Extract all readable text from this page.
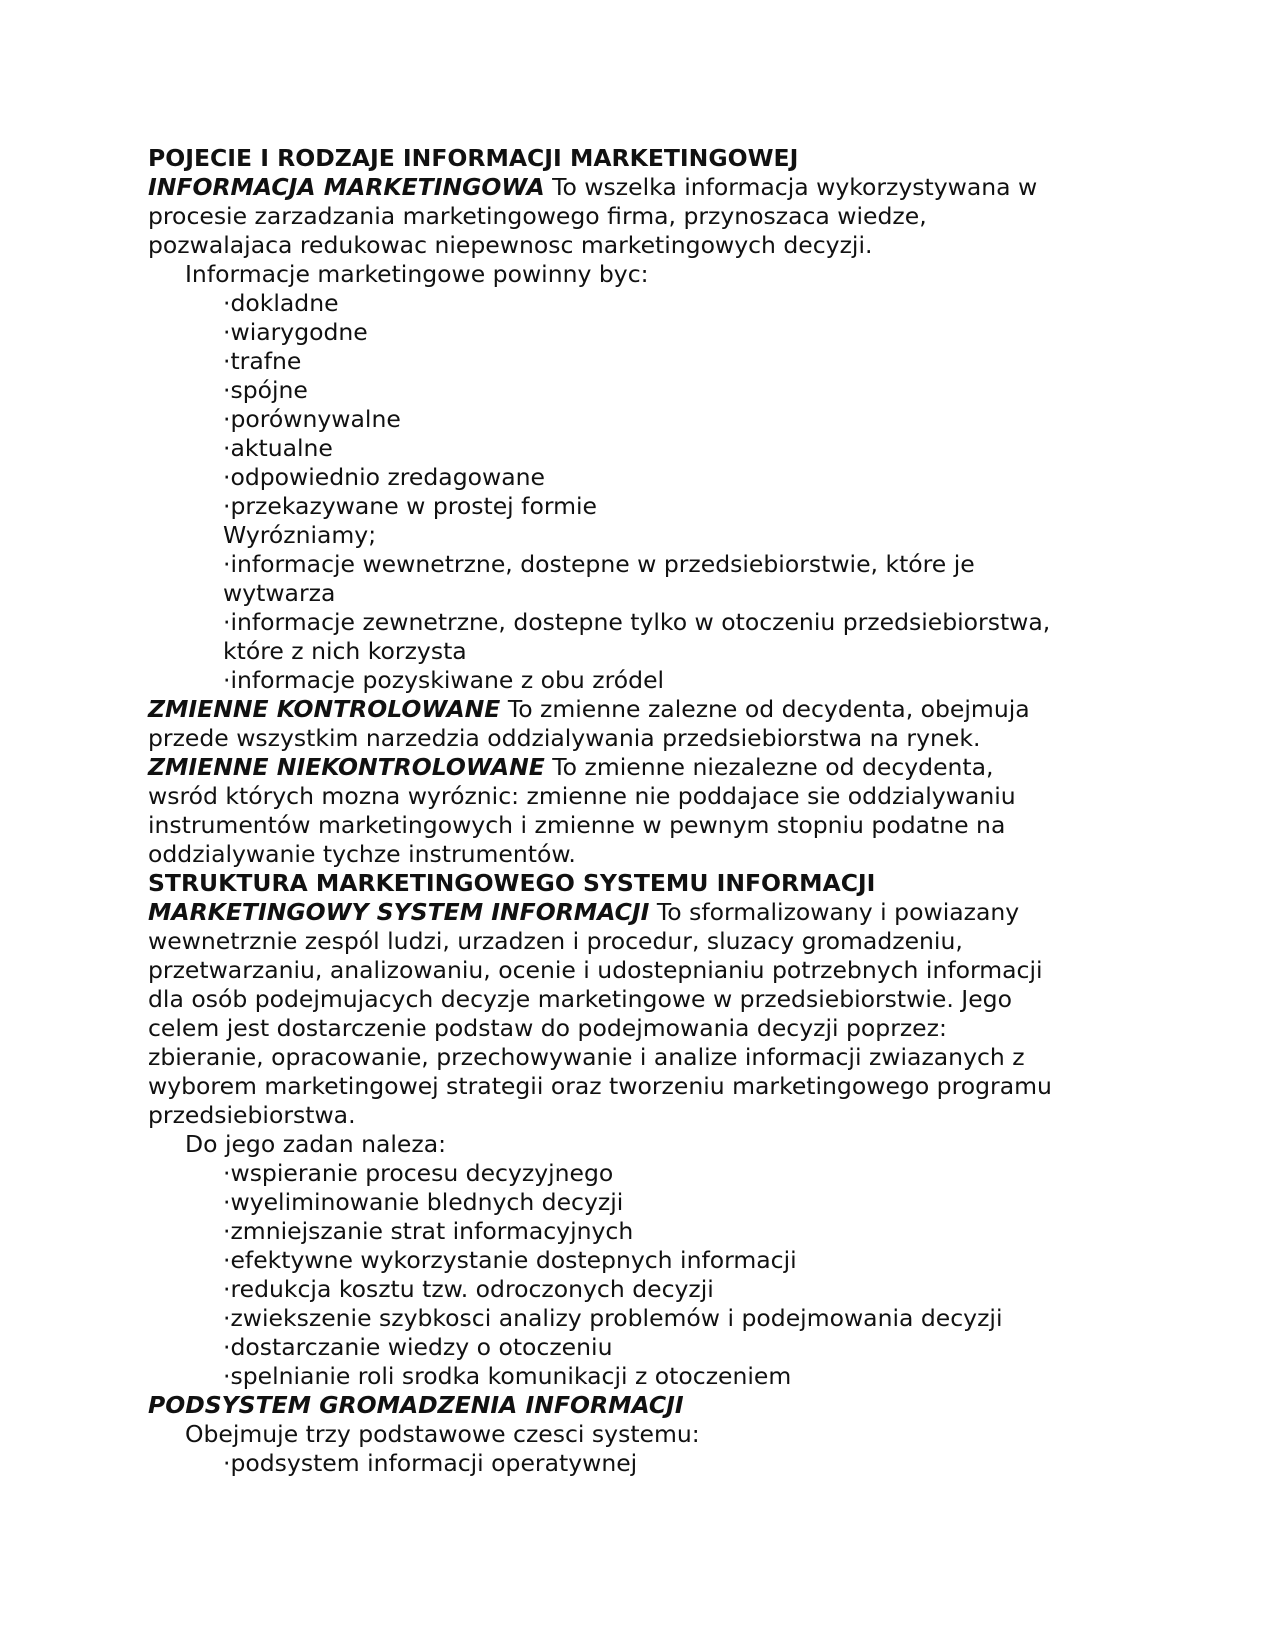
POJECIE I RODZAJE INFORMACJI MARKETINGOWEJ
INFORMACJA MARKETINGOWA To wszelka informacja wykorzystywana w
procesie zarzadzania marketingowego firma, przynoszaca wiedze,
pozwalajaca redukowac niepewnosc marketingowych decyzji.
Informacje marketingowe powinny byc:
·dokladne
·wiarygodne
·trafne
·spójne
·porównywalne
·aktualne
·odpowiednio zredagowane
·przekazywane w prostej formie
Wyrózniamy;
·informacje wewnetrzne, dostepne w przedsiebiorstwie, które je
wytwarza
·informacje zewnetrzne, dostepne tylko w otoczeniu przedsiebiorstwa,
które z nich korzysta
·informacje pozyskiwane z obu zródel
ZMIENNE KONTROLOWANE To zmienne zalezne od decydenta, obejmuja
przede wszystkim narzedzia oddzialywania przedsiebiorstwa na rynek.
ZMIENNE NIEKONTROLOWANE To zmienne niezalezne od decydenta,
wsród których mozna wyróznic: zmienne nie poddajace sie oddzialywaniu
instrumentów marketingowych i zmienne w pewnym stopniu podatne na
oddzialywanie tychze instrumentów.
STRUKTURA MARKETINGOWEGO SYSTEMU INFORMACJI
MARKETINGOWY SYSTEM INFORMACJI To sformalizowany i powiazany
wewnetrznie zespól ludzi, urzadzen i procedur, sluzacy gromadzeniu,
przetwarzaniu, analizowaniu, ocenie i udostepnianiu potrzebnych informacji
dla osób podejmujacych decyzje marketingowe w przedsiebiorstwie. Jego
celem jest dostarczenie podstaw do podejmowania decyzji poprzez:
zbieranie, opracowanie, przechowywanie i analize informacji zwiazanych z
wyborem marketingowej strategii oraz tworzeniu marketingowego programu
przedsiebiorstwa.
Do jego zadan naleza:
·wspieranie procesu decyzyjnego
·wyeliminowanie blednych decyzji
·zmniejszanie strat informacyjnych
·efektywne wykorzystanie dostepnych informacji
·redukcja kosztu tzw. odroczonych decyzji
·zwiekszenie szybkosci analizy problemów i podejmowania decyzji
·dostarczanie wiedzy o otoczeniu
·spelnianie roli srodka komunikacji z otoczeniem
PODSYSTEM GROMADZENIA INFORMACJI
Obejmuje trzy podstawowe czesci systemu:
·podsystem informacji operatywnej
